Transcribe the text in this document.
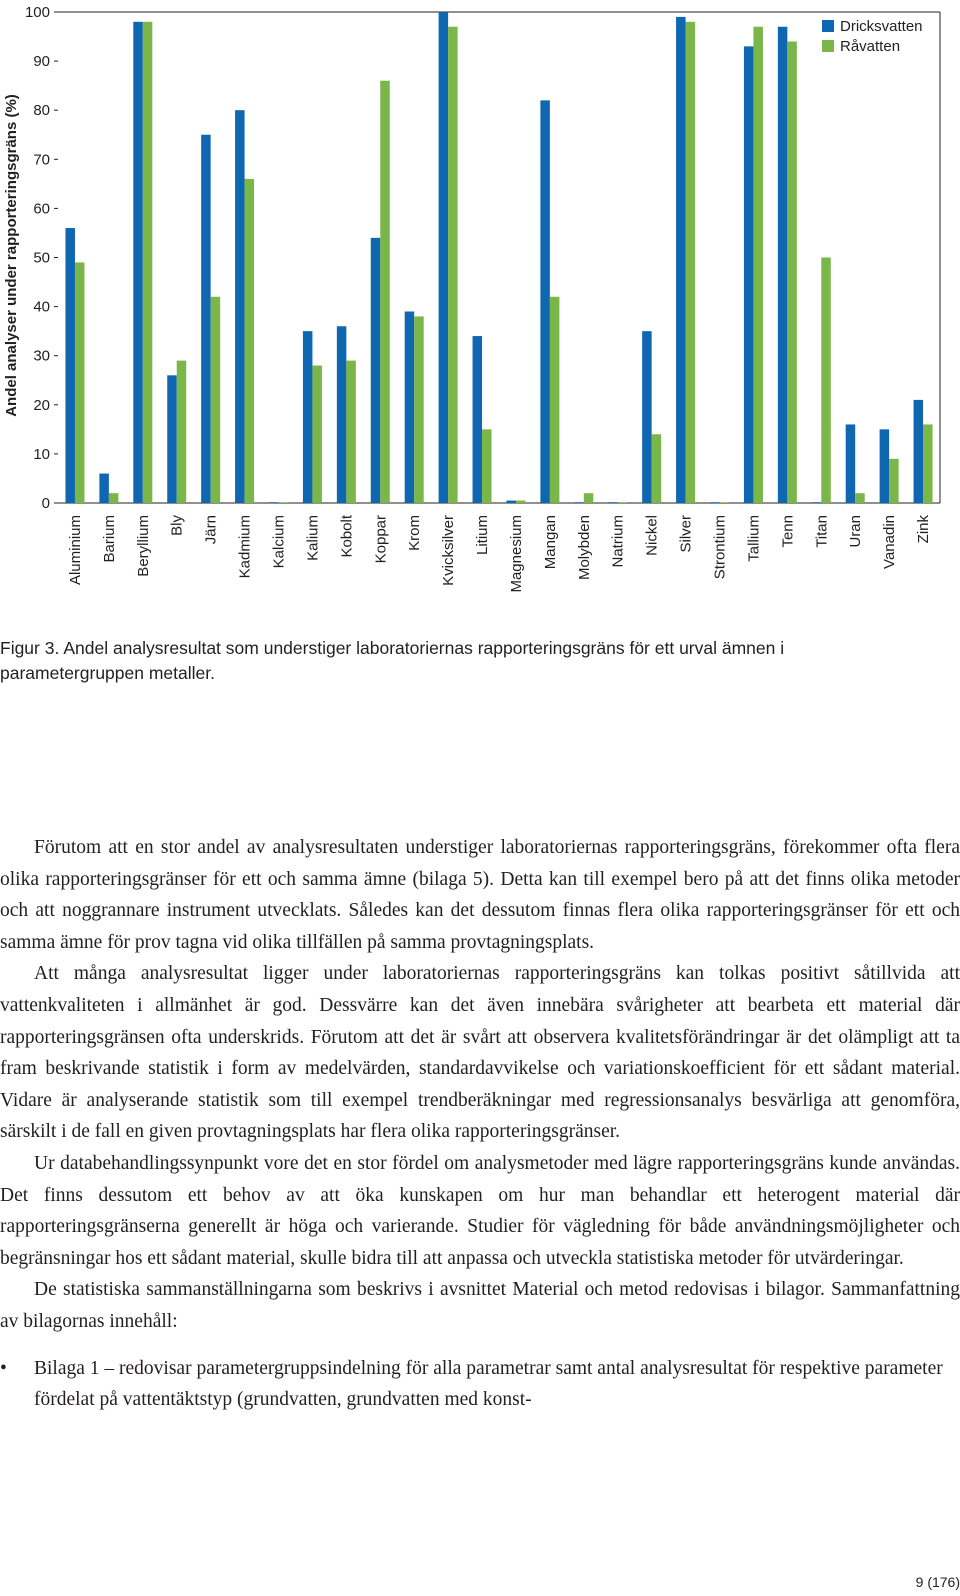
0
10
20
30
40
50
60
70
80
90
100
Andel analyser under rapporteringsgräns (%)
Aluminium Barium Beryllium Bly Järn Kadmium Kalcium Kalium Kobolt Koppar Krom Kvicksilver Litium Magnesium Mangan Molybden Natrium Nickel Silver Strontium Tallium Tenn Titan Uran Vanadin Zink
Dricksvatten
Råvatten
Figur 3. Andel analysresultat som understiger laboratoriernas rapporteringsgräns för ett urval ämnen i parametergruppen metaller.

Förutom att en stor andel av analysresultaten understiger laboratoriernas rapporteringsgräns, förekommer ofta flera olika rapporteringsgränser för ett och samma ämne (bilaga 5). Detta kan till exempel bero på att det finns olika metoder och att noggrannare instrument utvecklats. Således kan det dessutom finnas flera olika rapporteringsgränser för ett och samma ämne för prov tagna vid olika tillfällen på samma provtagningsplats.

Att många analysresultat ligger under laboratoriernas rapporteringsgräns kan tolkas positivt såtillvida att vattenkvaliteten i allmänhet är god. Dessvärre kan det även innebära svårigheter att bearbeta ett material där rapporteringsgränsen ofta underskrids. Förutom att det är svårt att observera kvalitetsförändringar är det olämpligt att ta fram beskrivande statistik i form av medelvärden, standardavvikelse och variationskoefficient för ett sådant material. Vidare är analyserande statistik som till exempel trendberäkningar med regressionsanalys besvärliga att genomföra, särskilt i de fall en given provtagningsplats har flera olika rapporteringsgränser.

Ur databehandlingssynpunkt vore det en stor fördel om analysmetoder med lägre rapporteringsgräns kunde användas. Det finns dessutom ett behov av att öka kunskapen om hur man behandlar ett heterogent material där rapporteringsgränserna generellt är höga och varierande. Studier för vägledning för både användningsmöjligheter och begränsningar hos ett sådant material, skulle bidra till att anpassa och utveckla statistiska metoder för utvärderingar.

De statistiska sammanställningarna som beskrivs i avsnittet Material och metod redovisas i bilagor. Sammanfattning av bilagornas innehåll:

• Bilaga 1 – redovisar parametergruppsindelning för alla parametrar samt antal analysresultat för respektive parameter fördelat på vattentäktstyp (grundvatten, grundvatten med konst-
9 (176)
